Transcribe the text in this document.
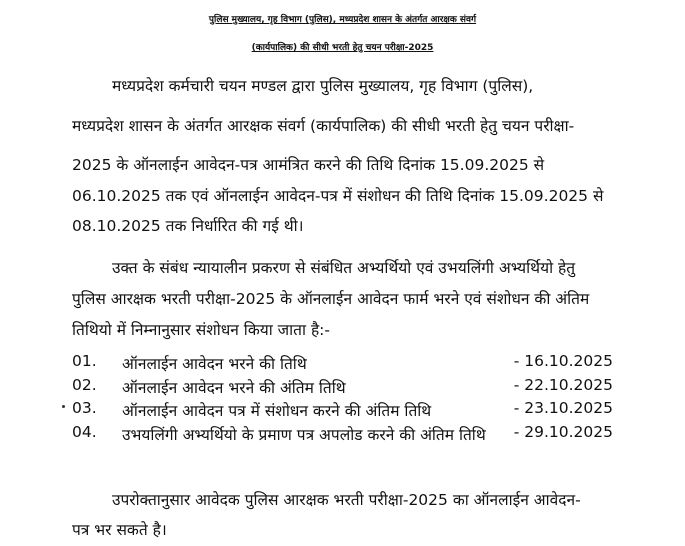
पुलिस मुख्यालय, गृह विभाग (पुलिस), मध्यप्रदेश शासन के अंतर्गत आरक्षक संवर्ग
(कार्यपालिक) की सीधी भरती हेतु चयन परीक्षा-2025
मध्यप्रदेश कर्मचारी चयन मण्डल द्वारा पुलिस मुख्यालय, गृह विभाग (पुलिस),
मध्यप्रदेश शासन के अंतर्गत आरक्षक संवर्ग (कार्यपालिक) की सीधी भरती हेतु चयन परीक्षा-
2025 के ऑनलाईन आवेदन-पत्र आमंत्रित करने की तिथि दिनांक 15.09.2025 से
06.10.2025 तक एवं ऑनलाईन आवेदन-पत्र में संशोधन की तिथि दिनांक 15.09.2025 से
08.10.2025 तक निर्धारित की गई थी।
उक्त के संबंध न्यायालीन प्रकरण से संबंधित अभ्यर्थियो एवं उभयलिंगी अभ्यर्थियो हेतु
पुलिस आरक्षक भरती परीक्षा-2025 के ऑनलाईन आवेदन फार्म भरने एवं संशोधन की अंतिम
तिथियो में निम्नानुसार संशोधन किया जाता है:-
01. ऑनलाईन आवेदन भरने की तिथि	- 16.10.2025
02. ऑनलाईन आवेदन भरने की अंतिम तिथि	- 22.10.2025
03. ऑनलाईन आवेदन पत्र में संशोधन करने की अंतिम तिथि	- 23.10.2025
04. उभयलिंगी अभ्यर्थियो के प्रमाण पत्र अपलोड करने की अंतिम तिथि - 29.10.2025
उपरोक्तानुसार आवेदक पुलिस आरक्षक भरती परीक्षा-2025 का ऑनलाईन आवेदन-
पत्र भर सकते है।
